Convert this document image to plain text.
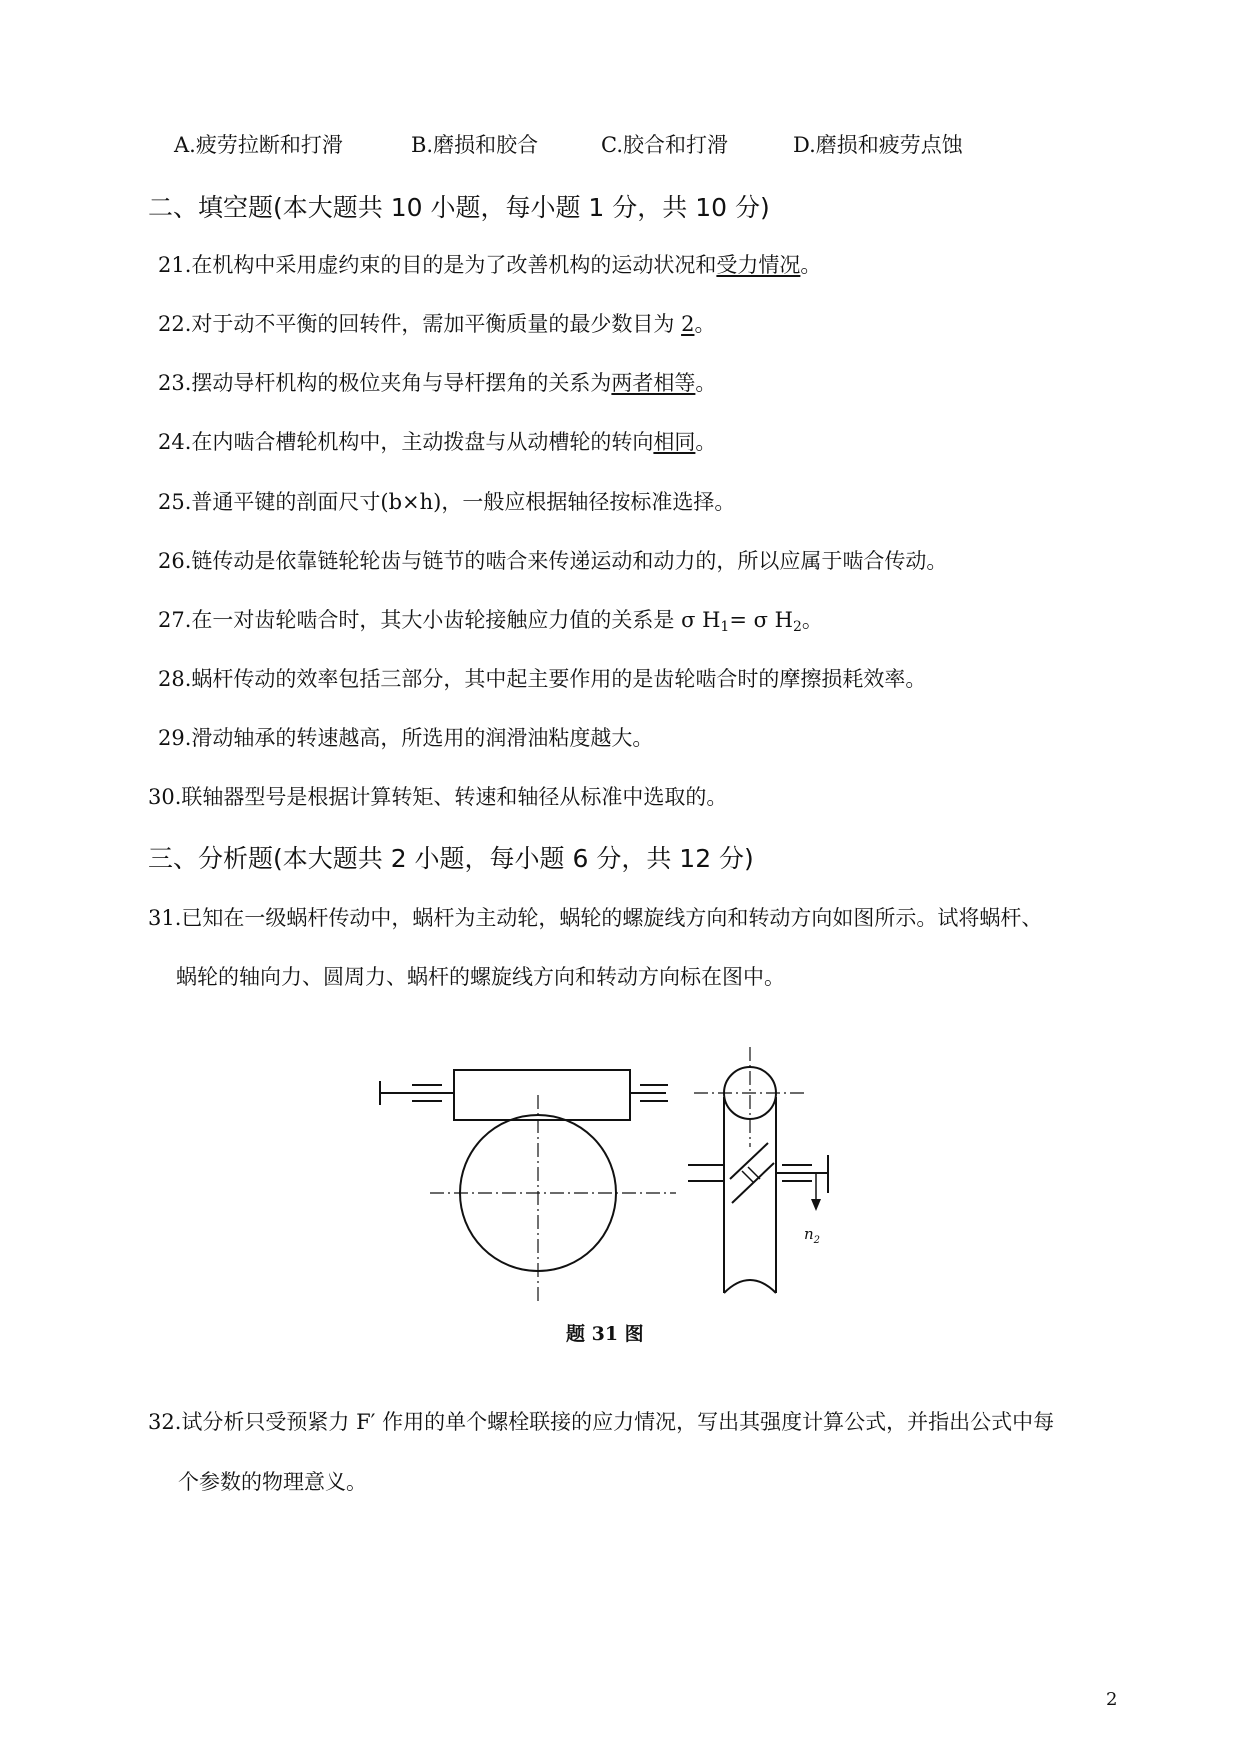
A.疲劳拉断和打滑	B.磨损和胶合	C.胶合和打滑	D.磨损和疲劳点蚀
二、填空题(本大题共 10 小题，每小题 1 分，共 10 分)
21.在机构中采用虚约束的目的是为了改善机构的运动状况和受力情况。
22.对于动不平衡的回转件，需加平衡质量的最少数目为 2。
23.摆动导杆机构的极位夹角与导杆摆角的关系为两者相等。
24.在内啮合槽轮机构中，主动拨盘与从动槽轮的转向相同。
25.普通平键的剖面尺寸(b×h)，一般应根据轴径按标准选择。
26.链传动是依靠链轮轮齿与链节的啮合来传递运动和动力的，所以应属于啮合传动。
27.在一对齿轮啮合时，其大小齿轮接触应力值的关系是 σ $H_1= \sigma$ $H_2$。
28.蜗杆传动的效率包括三部分，其中起主要作用的是齿轮啮合时的摩擦损耗效率。
29.滑动轴承的转速越高，所选用的润滑油粘度越大。
30.联轴器型号是根据计算转矩、转速和轴径从标准中选取的。
三、分析题(本大题共 2 小题，每小题 6 分，共 12 分)
31.已知在一级蜗杆传动中，蜗杆为主动轮，蜗轮的螺旋线方向和转动方向如图所示。试将蜗杆、
蜗轮的轴向力、圆周力、蜗杆的螺旋线方向和转动方向标在图中。
$n_2$
题 31 图
32.试分析只受预紧力 F′ 作用的单个螺栓联接的应力情况，写出其强度计算公式，并指出公式中每
个参数的物理意义。
2
